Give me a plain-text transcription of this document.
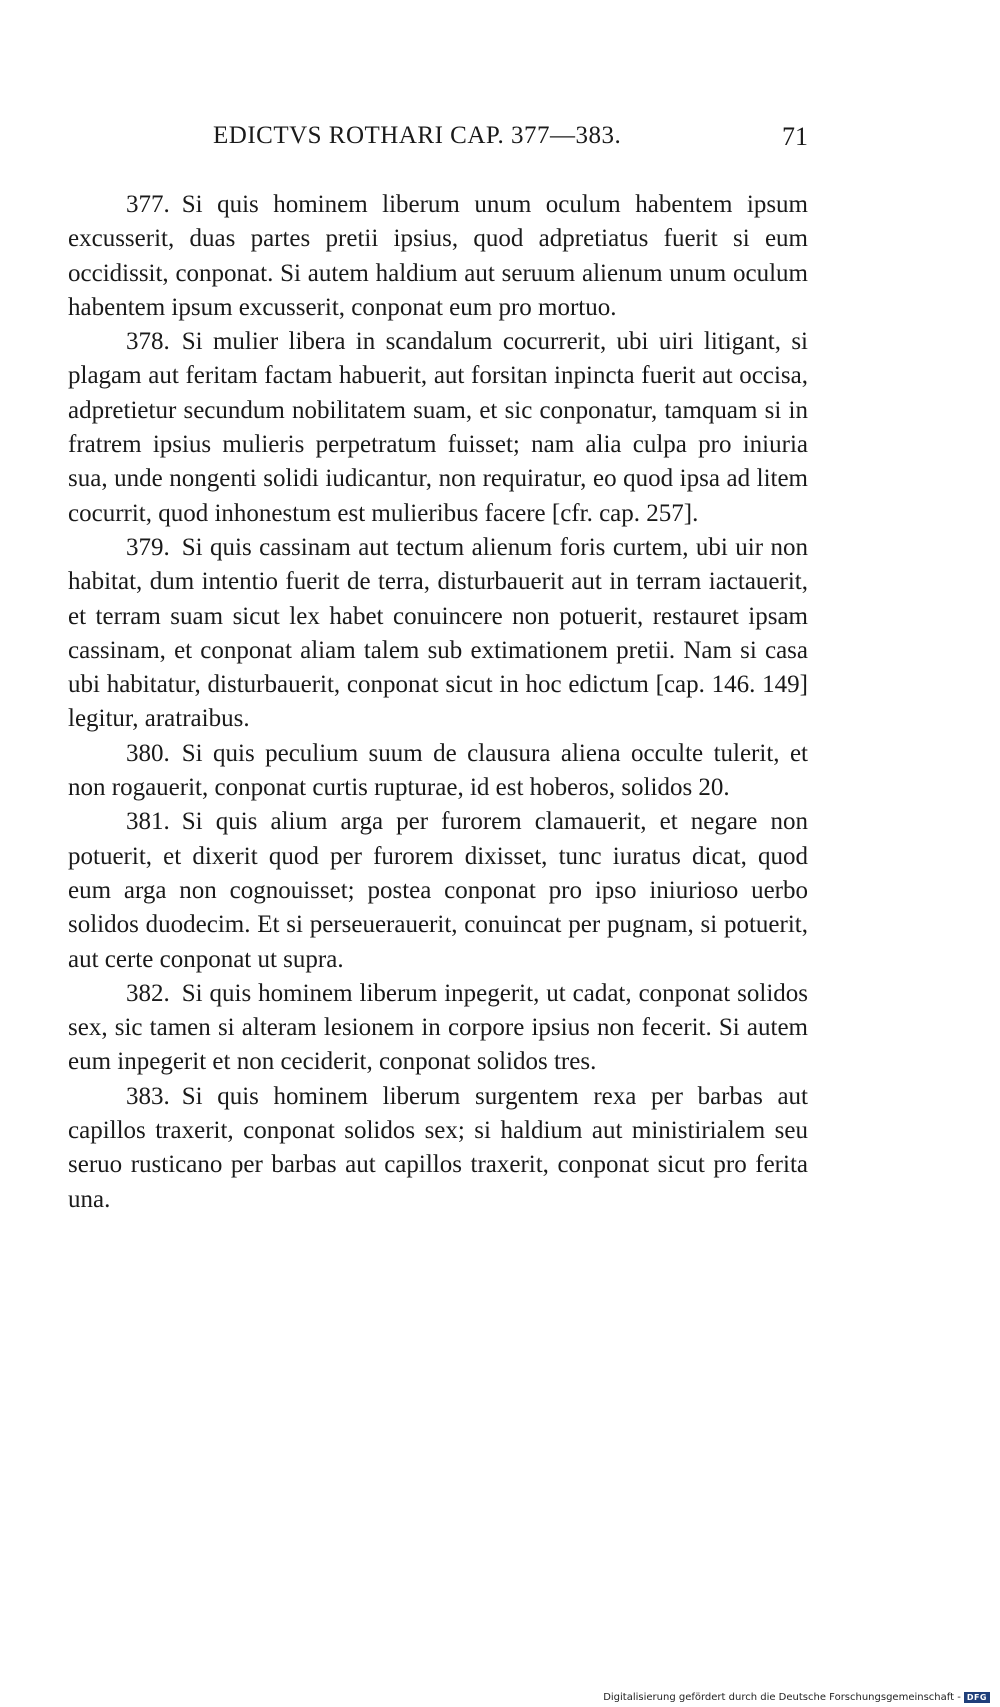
EDICTVS ROTHARI CAP. 377—383.	71

377. Si quis hominem liberum unum oculum habentem ipsum excusserit, duas partes pretii ipsius, quod adpretiatus fuerit si eum occidissit, conponat. Si autem haldium aut seruum alienum unum oculum habentem ipsum excusserit, conponat eum pro mortuo.

378. Si mulier libera in scandalum cocurrerit, ubi uiri litigant, si plagam aut feritam factam habuerit, aut forsitan inpincta fuerit aut occisa, adpretietur secundum nobilitatem suam, et sic conponatur, tamquam si in fratrem ipsius mulieris perpetratum fuisset; nam alia culpa pro iniuria sua, unde nongenti solidi iudicantur, non requiratur, eo quod ipsa ad litem cocurrit, quod inhonestum est mulieribus facere [cfr. cap. 257].

379. Si quis cassinam aut tectum alienum foris curtem, ubi uir non habitat, dum intentio fuerit de terra, disturbauerit aut in terram iactauerit, et terram suam sicut lex habet conuincere non potuerit, restauret ipsam cassinam, et conponat aliam talem sub extimationem pretii. Nam si casa ubi habitatur, disturbauerit, conponat sicut in hoc edictum [cap. 146. 149] legitur, aratraibus.

380. Si quis peculium suum de clausura aliena occulte tulerit, et non rogauerit, conponat curtis rupturae, id est hoberos, solidos 20.

381. Si quis alium arga per furorem clamauerit, et negare non potuerit, et dixerit quod per furorem dixisset, tunc iuratus dicat, quod eum arga non cognouisset; postea conponat pro ipso iniurioso uerbo solidos duodecim. Et si perseuerauerit, conuincat per pugnam, si potuerit, aut certe conponat ut supra.

382. Si quis hominem liberum inpegerit, ut cadat, conponat solidos sex, sic tamen si alteram lesionem in corpore ipsius non fecerit. Si autem eum inpegerit et non ceciderit, conponat solidos tres.

383. Si quis hominem liberum surgentem rexa per barbas aut capillos traxerit, conponat solidos sex; si haldium aut ministirialem seu seruo rusticano per barbas aut capillos traxerit, conponat sicut pro ferita una.

Digitalisierung gefördert durch die Deutsche Forschungsgemeinschaft - DFG
